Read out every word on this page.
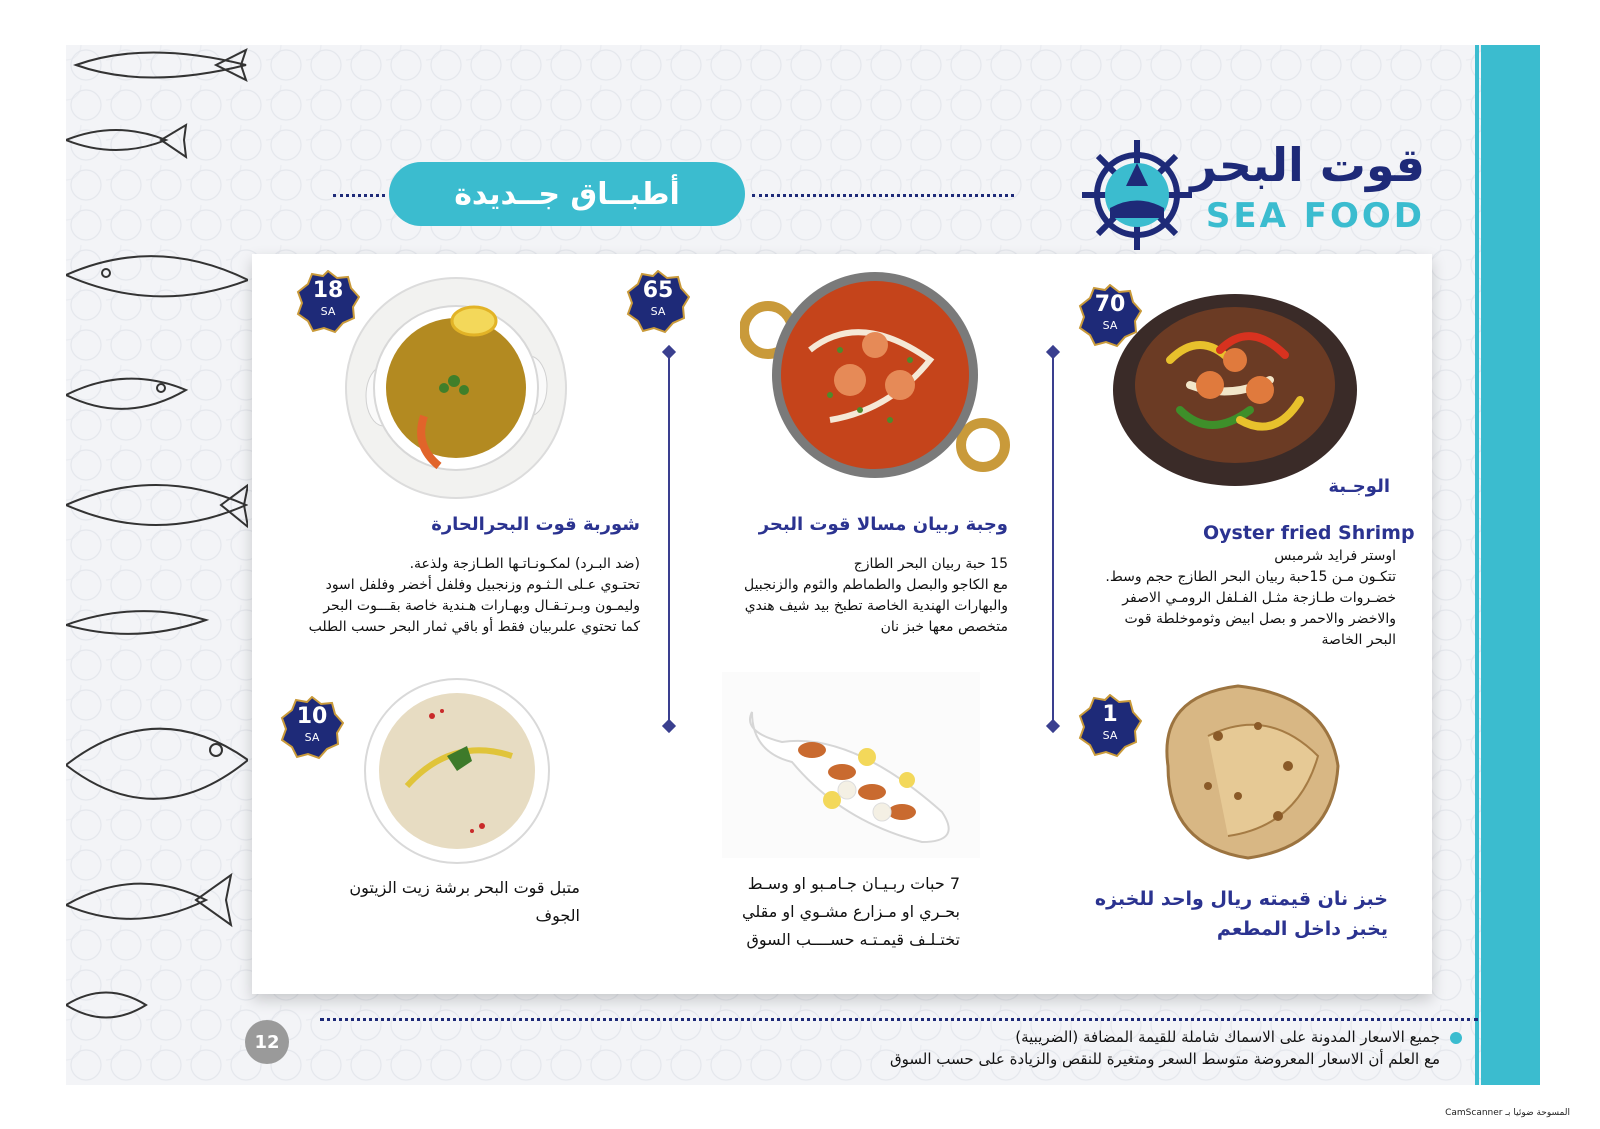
قوت البحر
SEA FOOD
أطبــاق جــديدة
70
SA
الوجـبة
Oyster fried Shrimp
اوستر فرايد شرمبس
تتكـون مـن 15حبة ربيان البحر الطازج حجم وسط.
خضـروات طـازجة مثـل الفـلفل الرومـي الاصفر
والاخضر والاحمر و بصل ابيض وثوموخلطة قوت
البحر الخاصة
65
SA
وجبة ربيان مسالا قوت البحر
15 حبة ربيان البحر الطازج
مع الكاجو والبصل والطماطم والثوم والزنجبيل
والبهارات الهندية الخاصة تطبخ بيد شيف هندي
متخصص معها خبز نان
18
SA
شوربة قوت البحرالحارة
(ضد البـرد) لمكـونـاتـها الطـازجة ولذعة.
تحتـوي عـلى الـثـوم وزنجبيل وفلفل أخضر وفلفل اسود
وليمـون وبـرتـقـال وبهـارات هـندية خاصة بقـــوت البحر
كما تحتوي علىربيان فقط أو باقي ثمار البحر حسب الطلب
1
SA
خبز نان قيمته ريال واحد للخبزه
يخبز داخل المطعم
7 حبات ربـيـان جـامـبو او وسـط
بحـري او مـزارع مشـوي او مقلي
تختـلـف قيمـتـه حســــب السوق
10
SA
متبل قوت البحر برشة زيت الزيتون
الجوف
جميع الاسعار المدونة على الاسماك شاملة للقيمة المضافة (الضريبية)
مع العلم أن الاسعار المعروضة متوسط السعر ومتغيرة للنقص والزيادة على حسب السوق
12
المسوحة ضوئيا بـ CamScanner
